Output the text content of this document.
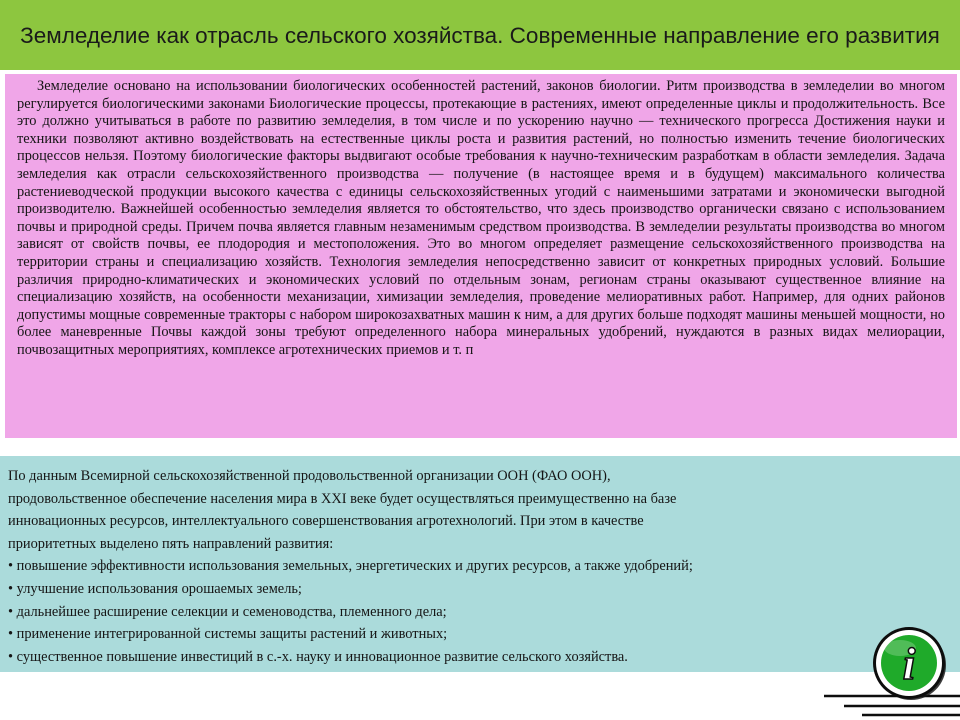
Земледелие как отрасль сельского хозяйства. Современные направление его развития

Земледелие основано на использовании биологических особенностей растений, законов биологии. Ритм производства в земледелии во многом регулируется биологическими законами Биологические процессы, протекающие в растениях, имеют определенные циклы и продолжительность. Все это должно учитываться в работе по развитию земледелия, в том числе и по ускорению научно — технического прогресса Достижения науки и техники позволяют активно воздействовать на естественные циклы роста и развития растений, но полностью изменить течение биологических процессов нельзя. Поэтому биологические факторы выдвигают особые требования к научно-техническим разработкам в области земледелия. Задача земледелия как отрасли сельскохозяйственного производства — получение (в настоящее время и в будущем) максимального количества растениеводческой продукции высокого качества с единицы сельскохозяйственных угодий с наименьшими затратами и экономически выгодной производителю. Важнейшей особенностью земледелия является то обстоятельство, что здесь производство органически связано с использованием почвы и природной среды. Причем почва является главным незаменимым средством производства. В земледелии результаты производства во многом зависят от свойств почвы, ее плодородия и местоположения. Это во многом определяет размещение сельскохозяйственного производства на территории страны и специализацию хозяйств. Технология земледелия непосредственно зависит от конкретных природных условий. Большие различия природно-климатических и экономических условий по отдельным зонам, регионам страны оказывают существенное влияние на специализацию хозяйств, на особенности механизации, химизации земледелия, проведение мелиоративных работ. Например, для одних районов допустимы мощные современные тракторы с набором широкозахватных машин к ним, а для других больше подходят машины меньшей мощности, но более маневренные Почвы каждой зоны требуют определенного набора минеральных удобрений, нуждаются в разных видах мелиорации, почвозащитных мероприятиях, комплексе агротехнических приемов и т. п

По данным Всемирной сельскохозяйственной продовольственной организации ООН (ФАО ООН),

продовольственное обеспечение населения мира в XXI веке будет осуществляться преимущественно на базе

инновационных ресурсов, интеллектуального совершенствования агротехнологий. При этом в качестве

приоритетных выделено пять направлений развития:

• повышение эффективности использования земельных, энергетических и других ресурсов, а также удобрений;

• улучшение использования орошаемых земель;

• дальнейшее расширение селекции и семеноводства, племенного дела;

• применение интегрированной системы защиты растений и животных;

• существенное повышение инвестиций в с.-х. науку и инновационное развитие сельского хозяйства.	i
